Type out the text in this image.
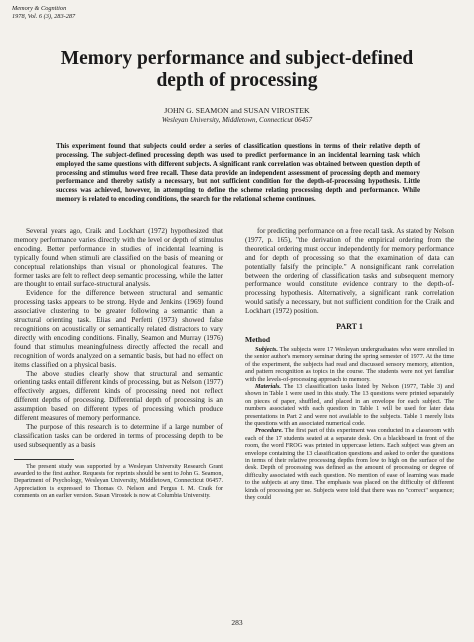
Memory & Cognition
1978, Vol. 6 (3), 283-287
Memory performance and subject-defined
depth of processing
JOHN G. SEAMON and SUSAN VIROSTEK
Wesleyan University, Middletown, Connecticut 06457

This experiment found that subjects could order a series of classification questions in terms of their relative depth of processing. The subject-defined processing depth was used to predict performance in an incidental learning task which employed the same questions with different subjects. A significant rank correlation was obtained between question depth of processing and stimulus word free recall. These data provide an independent assessment of processing depth and memory performance and thereby satisfy a necessary, but not sufficient condition for the depth-of-processing hypothesis. Little success was achieved, however, in attempting to define the scheme relating processing depth and performance. While memory is related to encoding conditions, the search for the relational scheme continues.

Several years ago, Craik and Lockhart (1972) hypothesized that memory performance varies directly with the level or depth of stimulus encoding. Better performance in studies of incidental learning is typically found when stimuli are classified on the basis of meaning or conceptual relationships than visual or phonological features. The former tasks are felt to reflect deep semantic processing, while the latter are thought to entail surface-structural analysis.

Evidence for the difference between structural and semantic processing tasks appears to be strong. Hyde and Jenkins (1969) found associative clustering to be greater following a semantic than a structural orienting task. Elias and Perfetti (1973) showed false recognitions on acoustically or semantically related distractors to vary directly with encoding conditions. Finally, Seamon and Murray (1976) found that stimulus meaningfulness directly affected the recall and recognition of words analyzed on a semantic basis, but had no effect on items classified on a physical basis.

The above studies clearly show that structural and semantic orienting tasks entail different kinds of processing, but as Nelson (1977) effectively argues, different kinds of processing need not reflect different depths of processing. Differential depth of processing is an assumption based on different types of processing which produce different measures of memory performance.

The purpose of this research is to determine if a large number of classification tasks can be ordered in terms of processing depth to be used subsequently as a basis

The present study was supported by a Wesleyan University Research Grant awarded to the first author. Requests for reprints should be sent to John G. Seamon, Department of Psychology, Wesleyan University, Middletown, Connecticut 06457. Appreciation is expressed to Thomas O. Nelson and Fergus I. M. Craik for comments on an earlier version. Susan Virostek is now at Columbia University.

for predicting performance on a free recall task. As stated by Nelson (1977, p. 165), "the derivation of the empirical ordering from the theoretical ordering must occur independently for memory performance and for depth of processing so that the examination of data can potentially falsify the principle." A nonsignificant rank correlation between the ordering of classification tasks and subsequent memory performance would constitute evidence contrary to the depth-of-processing hypothesis. Alternatively, a significant rank correlation would satisfy a necessary, but not sufficient condition for the Craik and Lockhart (1972) position.

PART 1
Method

Subjects. The subjects were 17 Wesleyan undergraduates who were enrolled in the senior author's memory seminar during the spring semester of 1977. At the time of the experiment, the subjects had read and discussed sensory memory, attention, and pattern recognition as topics in the course. The students were not yet familiar with the levels-of-processing approach to memory.

Materials. The 13 classification tasks listed by Nelson (1977, Table 3) and shown in Table 1 were used in this study. The 13 questions were printed separately on pieces of paper, shuffled, and placed in an envelope for each subject. The numbers associated with each question in Table 1 will be used for later data presentations in Part 2 and were not available to the subjects. Table 1 merely lists the questions with an associated numerical code.

Procedure. The first part of this experiment was conducted in a classroom with each of the 17 students seated at a separate desk. On a blackboard in front of the room, the word FROG was printed in uppercase letters. Each subject was given an envelope containing the 13 classification questions and asked to order the questions in terms of their relative processing depths from low to high on the surface of the desk. Depth of processing was defined as the amount of processing or degree of difficulty associated with each question. No mention of ease of learning was made to the subjects at any time. The emphasis was placed on the difficulty of different kinds of processing per se. Subjects were told that there was no "correct" sequence; they could

283
